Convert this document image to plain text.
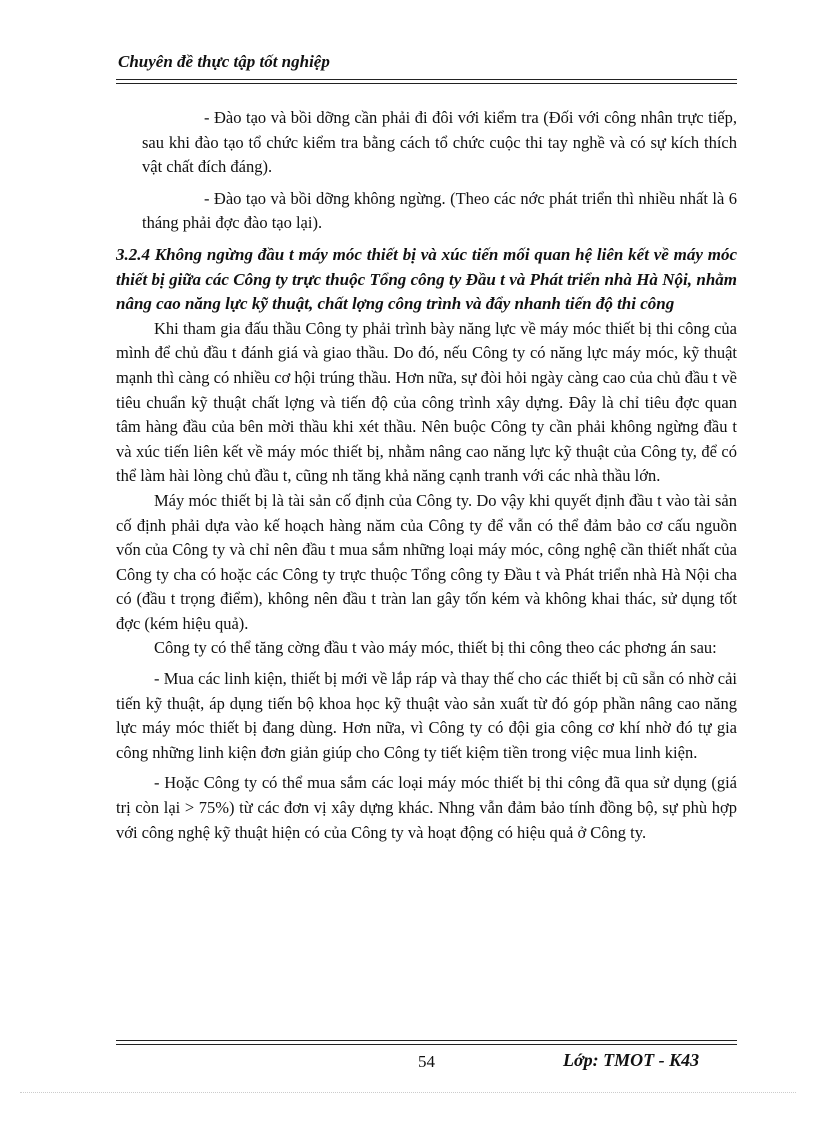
Chuyên đề thực tập tốt nghiệp

- Đào tạo và bồi dỡng cần phải đi đôi với kiểm tra (Đối với công nhân trực tiếp, sau khi đào tạo tổ chức kiểm tra bằng cách tổ chức cuộc thi tay nghề và có sự kích thích vật chất đích đáng).

- Đào tạo và bồi dỡng không ngừng. (Theo các nớc phát triển thì nhiều nhất là 6 tháng phải đợc đào tạo lại).

3.2.4 Không ngừng đầu t máy móc thiết bị và xúc tiến mối quan hệ liên kết về máy móc thiết bị giữa các Công ty trực thuộc Tổng công ty Đầu t và Phát triển nhà Hà Nội, nhằm nâng cao năng lực kỹ thuật, chất lợng công trình và đẩy nhanh tiến độ thi công

Khi tham gia đấu thầu Công ty phải trình bày năng lực về máy móc thiết bị thi công của mình để chủ đầu t đánh giá và giao thầu. Do đó, nếu Công ty có năng lực máy móc, kỹ thuật mạnh thì càng có nhiều cơ hội trúng thầu. Hơn nữa, sự đòi hỏi ngày càng cao của chủ đầu t về tiêu chuẩn kỹ thuật chất lợng và tiến độ của công trình xây dựng. Đây là chỉ tiêu đợc quan tâm hàng đầu của bên mời thầu khi xét thầu. Nên buộc Công ty cần phải không ngừng đầu t và xúc tiến liên kết về máy móc thiết bị, nhằm nâng cao năng lực kỹ thuật của Công ty, để có thể làm hài lòng chủ đầu t, cũng nh tăng khả năng cạnh tranh với các nhà thầu lớn.

Máy móc thiết bị là tài sản cố định của Công ty. Do vậy khi quyết định đầu t vào tài sản cố định phải dựa vào kế hoạch hàng năm của Công ty để vẫn có thể đảm bảo cơ cấu nguồn vốn của Công ty và chỉ nên đầu t mua sắm những loại máy móc, công nghệ cần thiết nhất của Công ty cha có hoặc các Công ty trực thuộc Tổng công ty Đầu t và Phát triển nhà Hà Nội cha có (đầu t trọng điểm), không nên đầu t tràn lan gây tốn kém và không khai thác, sử dụng tốt đợc (kém hiệu quả).

Công ty có thể tăng cờng đầu t vào máy móc, thiết bị thi công theo các phơng án sau:

- Mua các linh kiện, thiết bị mới về lắp ráp và thay thế cho các thiết bị cũ sẵn có nhờ cải tiến kỹ thuật, áp dụng tiến bộ khoa học kỹ thuật vào sản xuất từ đó góp phần nâng cao năng lực máy móc thiết bị đang dùng. Hơn nữa, vì Công ty có đội gia công cơ khí nhờ đó tự gia công những linh kiện đơn giản giúp cho Công ty tiết kiệm tiền trong việc mua linh kiện.

- Hoặc Công ty có thể mua sắm các loại máy móc thiết bị thi công đã qua sử dụng (giá trị còn lại > 75%) từ các đơn vị xây dựng khác. Nhng vẫn đảm bảo tính đồng bộ, sự phù hợp với công nghệ kỹ thuật hiện có của Công ty và hoạt động có hiệu quả ở Công ty.

54	Lớp: TMOT - K43
